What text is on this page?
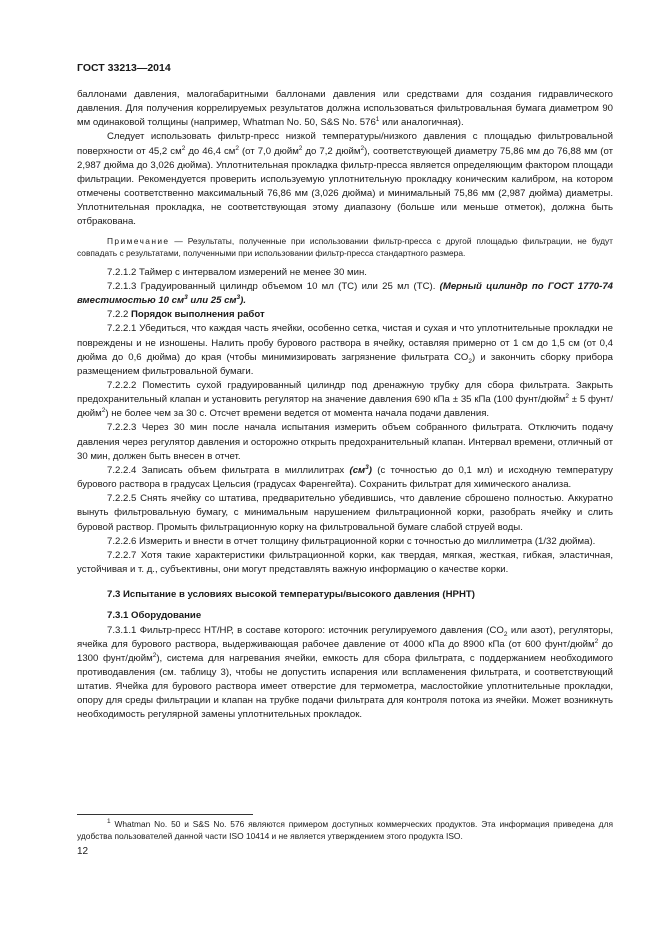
ГОСТ 33213—2014

баллонами давления, малогабаритными баллонами давления или средствами для создания гидравлического давления. Для получения коррелируемых результатов должна использоваться фильтровальная бумага диаметром 90 мм одинаковой толщины (например, Whatman No. 50, S&S No. $576^1$ или аналогичная).

Следует использовать фильтр-пресс низкой температуры/низкого давления с площадью фильтровальной поверхности от 45,2 $см^2$ до 46,4 $см^2$ (от 7,0 дюйм$^2$ до 7,2 дюйм$^2$), соответствующей диаметру 75,86 мм до 76,88 мм (от 2,987 дюйма до 3,026 дюйма). Уплотнительная прокладка фильтр-пресса является определяющим фактором площади фильтрации. Рекомендуется проверить используемую уплотнительную прокладку коническим калибром, на котором отмечены соответственно максимальный 76,86 мм (3,026 дюйма) и минимальный 75,86 мм (2,987 дюйма) диаметры. Уплотнительная прокладка, не соответствующая этому диапазону (больше или меньше отметок), должна быть отбракована.

Примечание — Результаты, полученные при использовании фильтр-пресса с другой площадью фильтрации, не будут совпадать с результатами, полученными при использовании фильтр-пресса стандартного размера.

7.2.1.2 Таймер с интервалом измерений не менее 30 мин.

7.2.1.3 Градуированный цилиндр объемом 10 мл (ТС) или 25 мл (ТС). (Мерный цилиндр по ГОСТ 1770-74 вместимостью 10 $см^3$ или 25 $см^3$).

7.2.2 Порядок выполнения работ

7.2.2.1 Убедиться, что каждая часть ячейки, особенно сетка, чистая и сухая и что уплотнительные прокладки не повреждены и не изношены. Налить пробу бурового раствора в ячейку, оставляя примерно от 1 см до 1,5 см (от 0,4 дюйма до 0,6 дюйма) до края (чтобы минимизировать загрязнение фильтрата $CO_2$) и закончить сборку прибора размещением фильтровальной бумаги.

7.2.2.2 Поместить сухой градуированный цилиндр под дренажную трубку для сбора фильтрата. Закрыть предохранительный клапан и установить регулятор на значение давления 690 кПа ± 35 кПа (100 фунт/дюйм$^2$ ± 5 фунт/дюйм$^2$) не более чем за 30 с. Отсчет времени ведется от момента начала подачи давления.

7.2.2.3 Через 30 мин после начала испытания измерить объем собранного фильтрата. Отключить подачу давления через регулятор давления и осторожно открыть предохранительный клапан. Интервал времени, отличный от 30 мин, должен быть внесен в отчет.

7.2.2.4 Записать объем фильтрата в миллилитрах $(см^3)$ (с точностью до 0,1 мл) и исходную температуру бурового раствора в градусах Цельсия (градусах Фаренгейта). Сохранить фильтрат для химического анализа.

7.2.2.5 Снять ячейку со штатива, предварительно убедившись, что давление сброшено полностью. Аккуратно вынуть фильтровальную бумагу, с минимальным нарушением фильтрационной корки, разобрать ячейку и слить буровой раствор. Промыть фильтрационную корку на фильтровальной бумаге слабой струей воды.

7.2.2.6 Измерить и внести в отчет толщину фильтрационной корки с точностью до миллиметра (1/32 дюйма).

7.2.2.7 Хотя такие характеристики фильтрационной корки, как твердая, мягкая, жесткая, гибкая, эластичная, устойчивая и т. д., субъективны, они могут представлять важную информацию о качестве корки.

7.3 Испытание в условиях высокой температуры/высокого давления (HPHT)

7.3.1 Оборудование

7.3.1.1 Фильтр-пресс НТ/НР, в составе которого: источник регулируемого давления ($CO_2$ или азот), регуляторы, ячейка для бурового раствора, выдерживающая рабочее давление от 4000 кПа до 8900 кПа (от 600 фунт/дюйм$^2$ до 1300 фунт/дюйм$^2$), система для нагревания ячейки, емкость для сбора фильтрата, с поддержанием необходимого противодавления (см. таблицу 3), чтобы не допустить испарения или вспламенения фильтрата, и соответствующий штатив. Ячейка для бурового раствора имеет отверстие для термометра, маслостойкие уплотнительные прокладки, опору для среды фильтрации и клапан на трубке подачи фильтрата для контроля потока из ячейки. Может возникнуть необходимость регулярной замены уплотнительных прокладок.

$^1$ Whatman No. 50 и S&S No. 576 являются примером доступных коммерческих продуктов. Эта информация приведена для удобства пользователей данной части ISO 10414 и не является утверждением этого продукта ISO.
12
